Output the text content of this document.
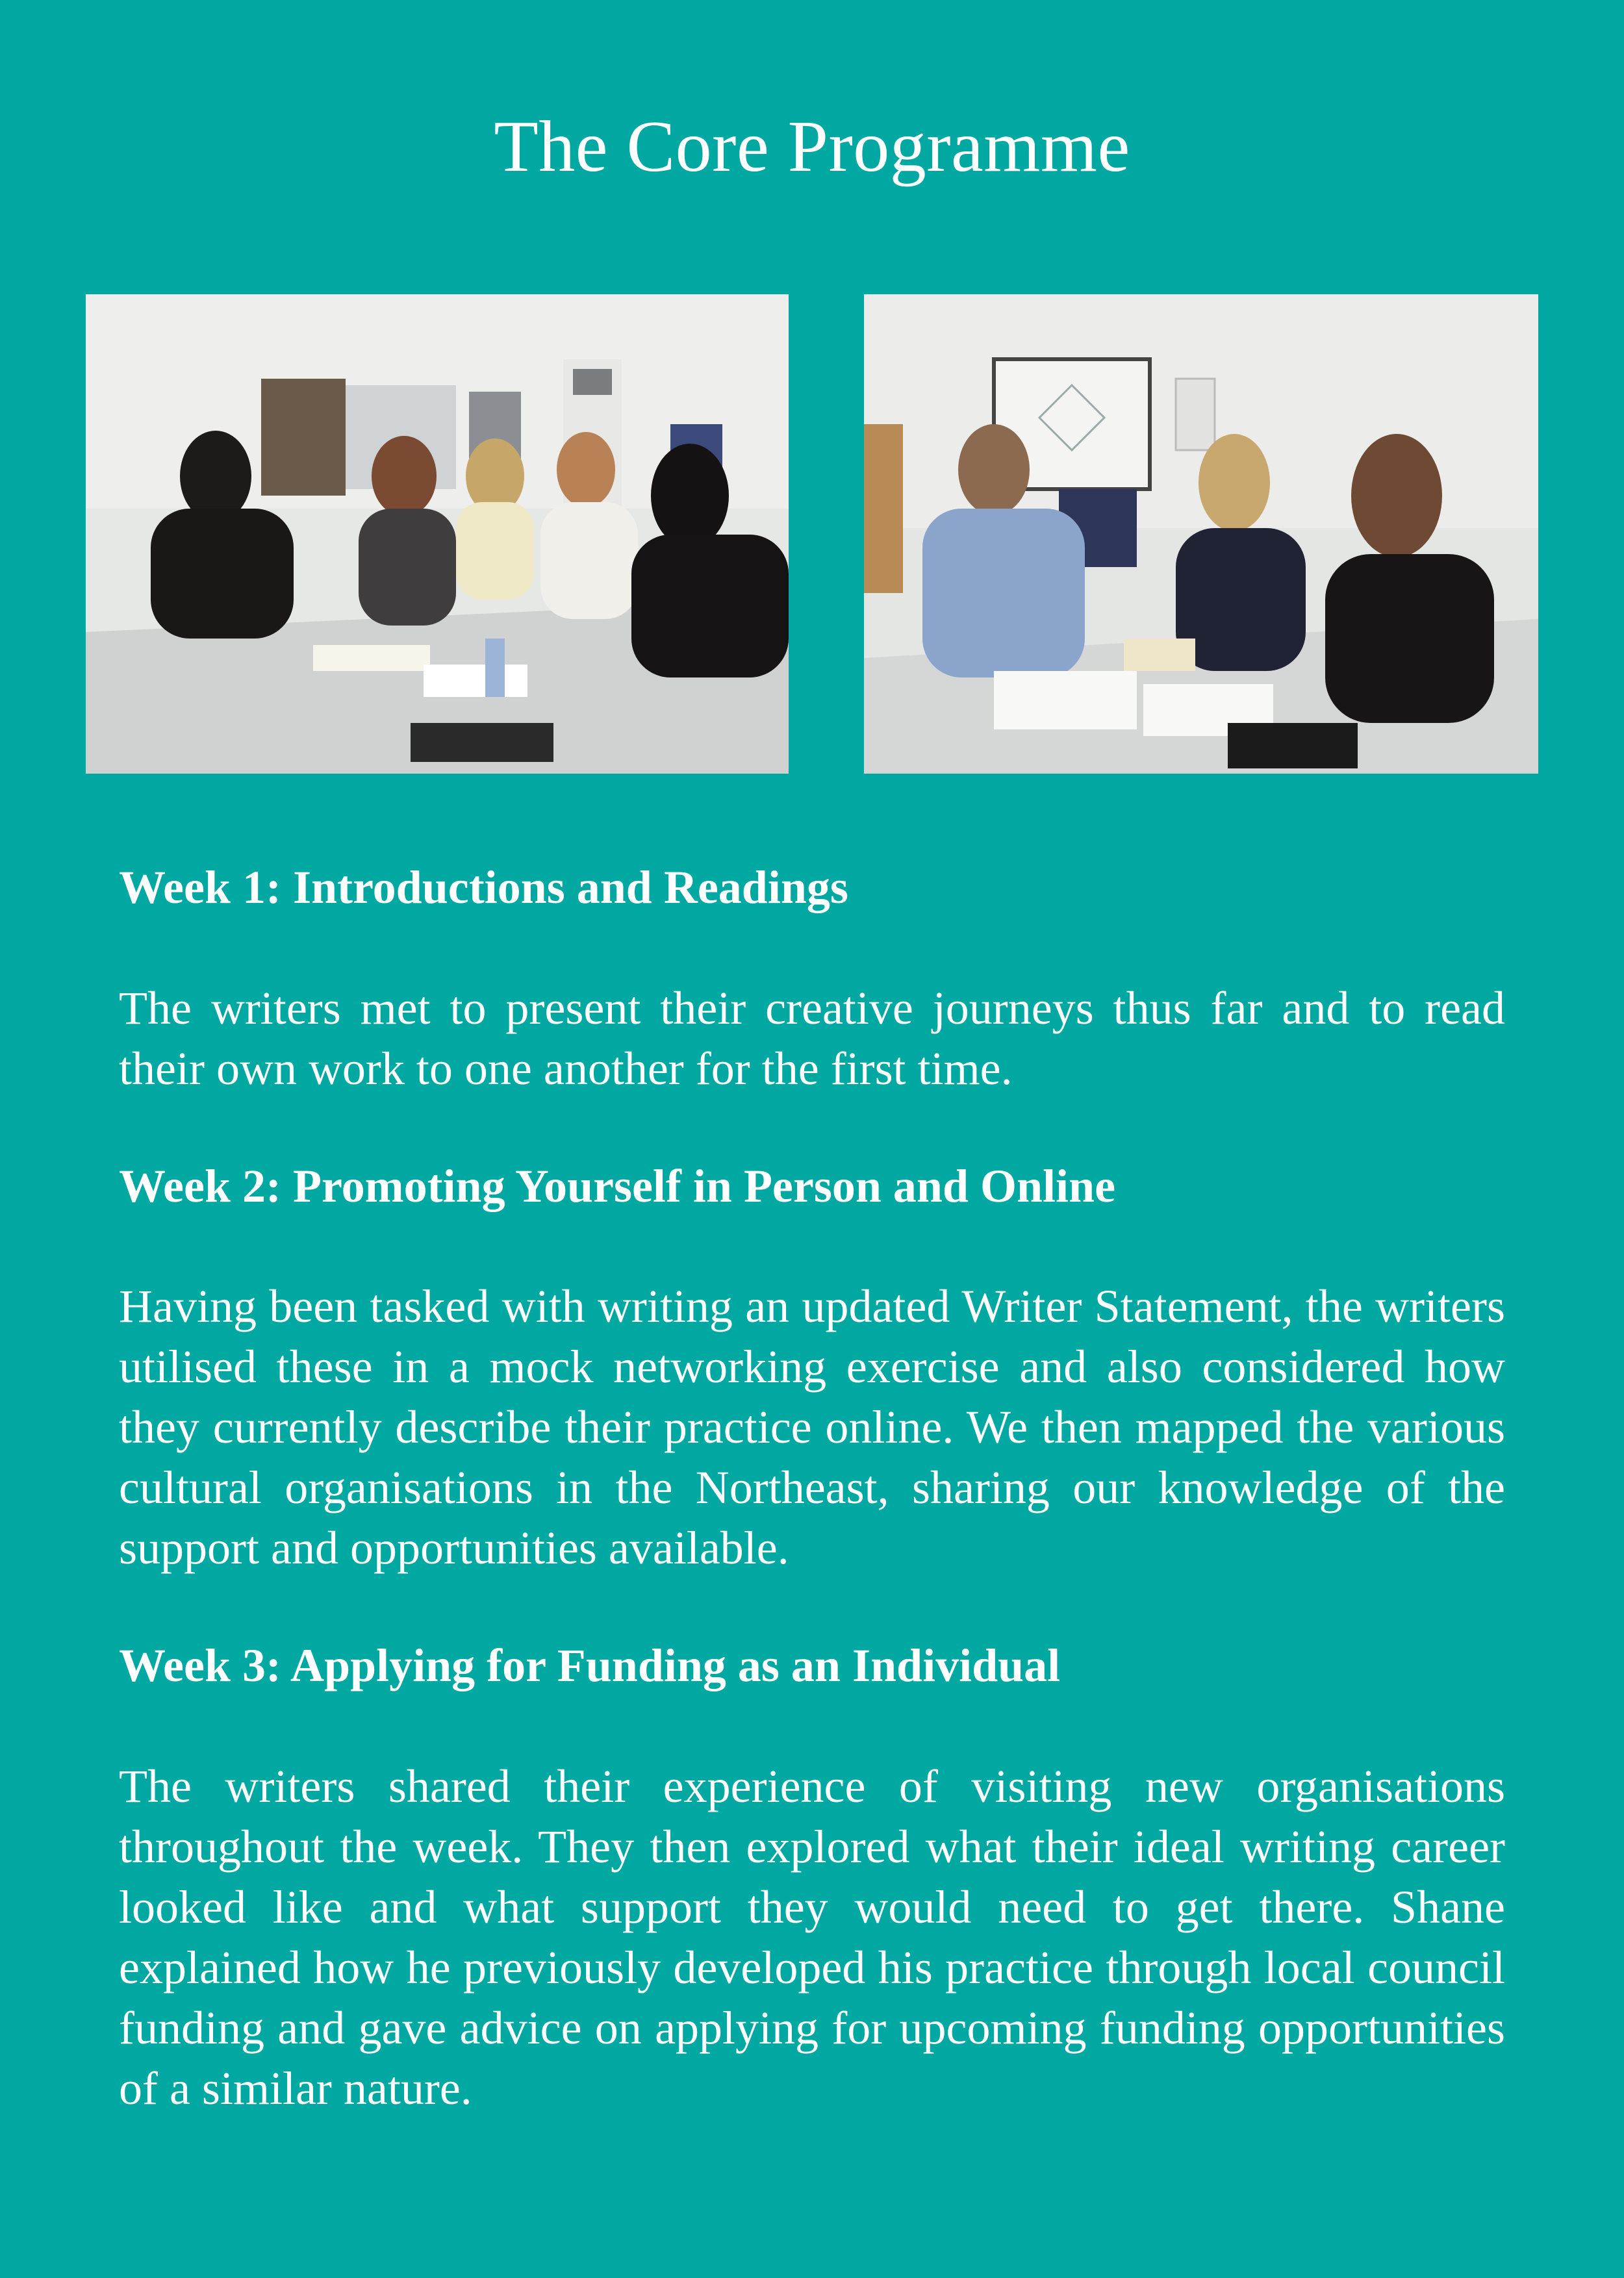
The Core Programme

Week 1: Introductions and Readings

The writers met to present their creative journeys thus far and to read their own work to one another for the first time.

Week 2: Promoting Yourself in Person and Online

Having been tasked with writing an updated Writer Statement, the writers utilised these in a mock networking exercise and also considered how they currently describe their practice online. We then mapped the various cultural organisations in the Northeast, sharing our knowledge of the support and opportunities available.

Week 3: Applying for Funding as an Individual

The writers shared their experience of visiting new organisations throughout the week. They then explored what their ideal writing career looked like and what support they would need to get there. Shane explained how he previously developed his practice through local council funding and gave advice on applying for upcoming funding opportunities of a similar nature.
